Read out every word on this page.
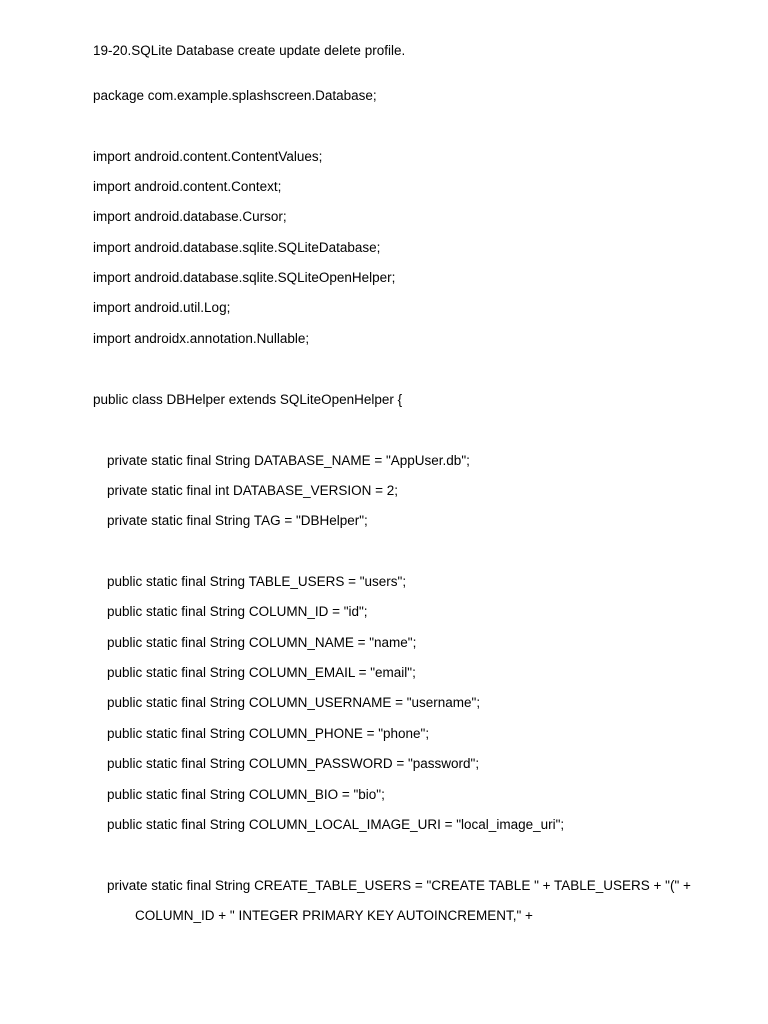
19-20.SQLite Database create update delete profile.
package com.example.splashscreen.Database;
import android.content.ContentValues;
import android.content.Context;
import android.database.Cursor;
import android.database.sqlite.SQLiteDatabase;
import android.database.sqlite.SQLiteOpenHelper;
import android.util.Log;
import androidx.annotation.Nullable;
public class DBHelper extends SQLiteOpenHelper {
private static final String DATABASE_NAME = "AppUser.db";
private static final int DATABASE_VERSION = 2;
private static final String TAG = "DBHelper";
public static final String TABLE_USERS = "users";
public static final String COLUMN_ID = "id";
public static final String COLUMN_NAME = "name";
public static final String COLUMN_EMAIL = "email";
public static final String COLUMN_USERNAME = "username";
public static final String COLUMN_PHONE = "phone";
public static final String COLUMN_PASSWORD = "password";
public static final String COLUMN_BIO = "bio";
public static final String COLUMN_LOCAL_IMAGE_URI = "local_image_uri";
private static final String CREATE_TABLE_USERS = "CREATE TABLE " + TABLE_USERS + "(" +
COLUMN_ID + " INTEGER PRIMARY KEY AUTOINCREMENT," +
